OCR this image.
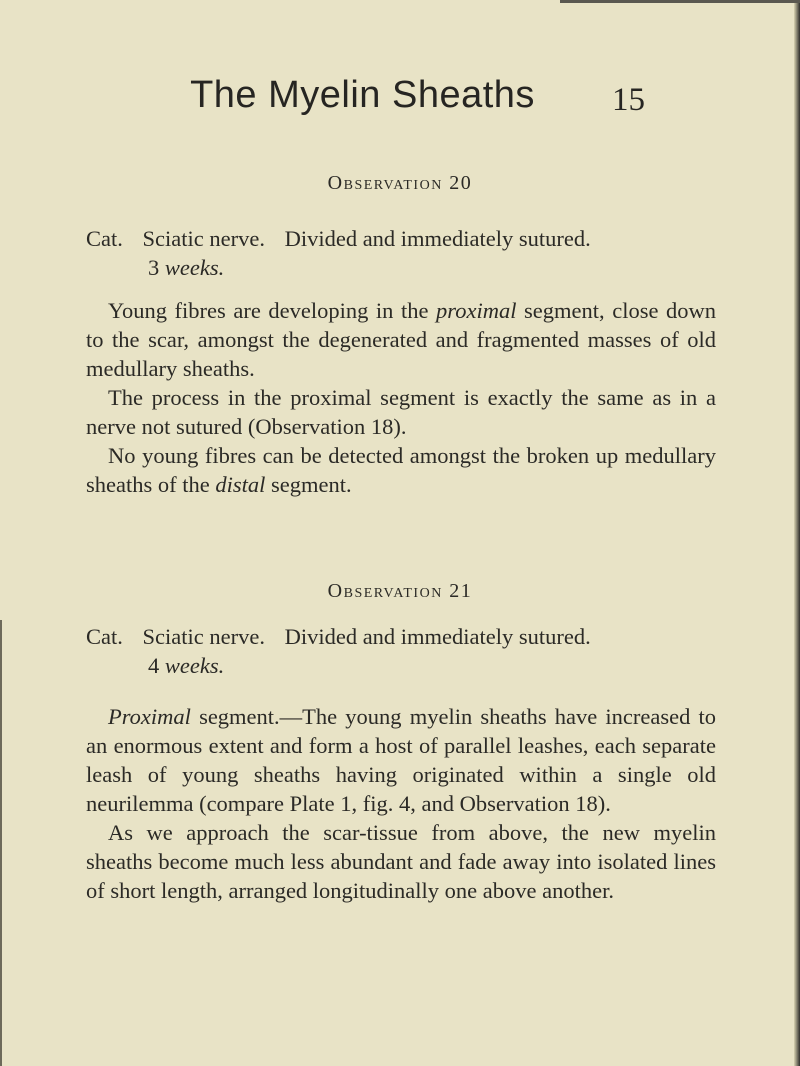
The Myelin Sheaths	15
Observation 20

Cat. Sciatic nerve. Divided and immediately sutured.

3 weeks.

Young fibres are developing in the proximal segment, close down to the scar, amongst the degenerated and fragmented masses of old medullary sheaths.

The process in the proximal segment is exactly the same as in a nerve not sutured (Observation 18).

No young fibres can be detected amongst the broken up medullary sheaths of the distal segment.

Observation 21

Cat. Sciatic nerve. Divided and immediately sutured.

4 weeks.

Proximal segment.—The young myelin sheaths have increased to an enormous extent and form a host of parallel leashes, each separate leash of young sheaths having originated within a single old neurilemma (compare Plate 1, fig. 4, and Observation 18).

As we approach the scar-tissue from above, the new myelin sheaths become much less abundant and fade away into isolated lines of short length, arranged longitudinally one above another.
